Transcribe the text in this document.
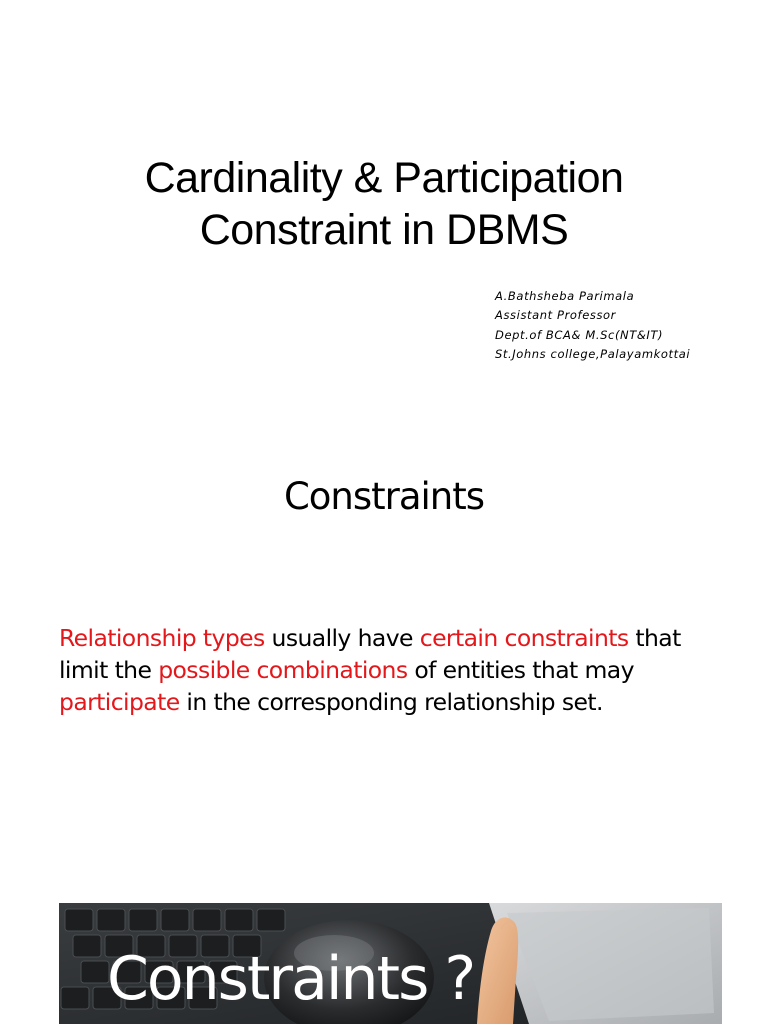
Cardinality & Participation
Constraint in DBMS
A.Bathsheba Parimala
Assistant Professor
Dept.of BCA& M.Sc(NT&IT)
St.Johns college,Palayamkottai
Constraints
Relationship types usually have certain constraints that
limit the possible combinations of entities that may
participate in the corresponding relationship set.
Constraints ?
